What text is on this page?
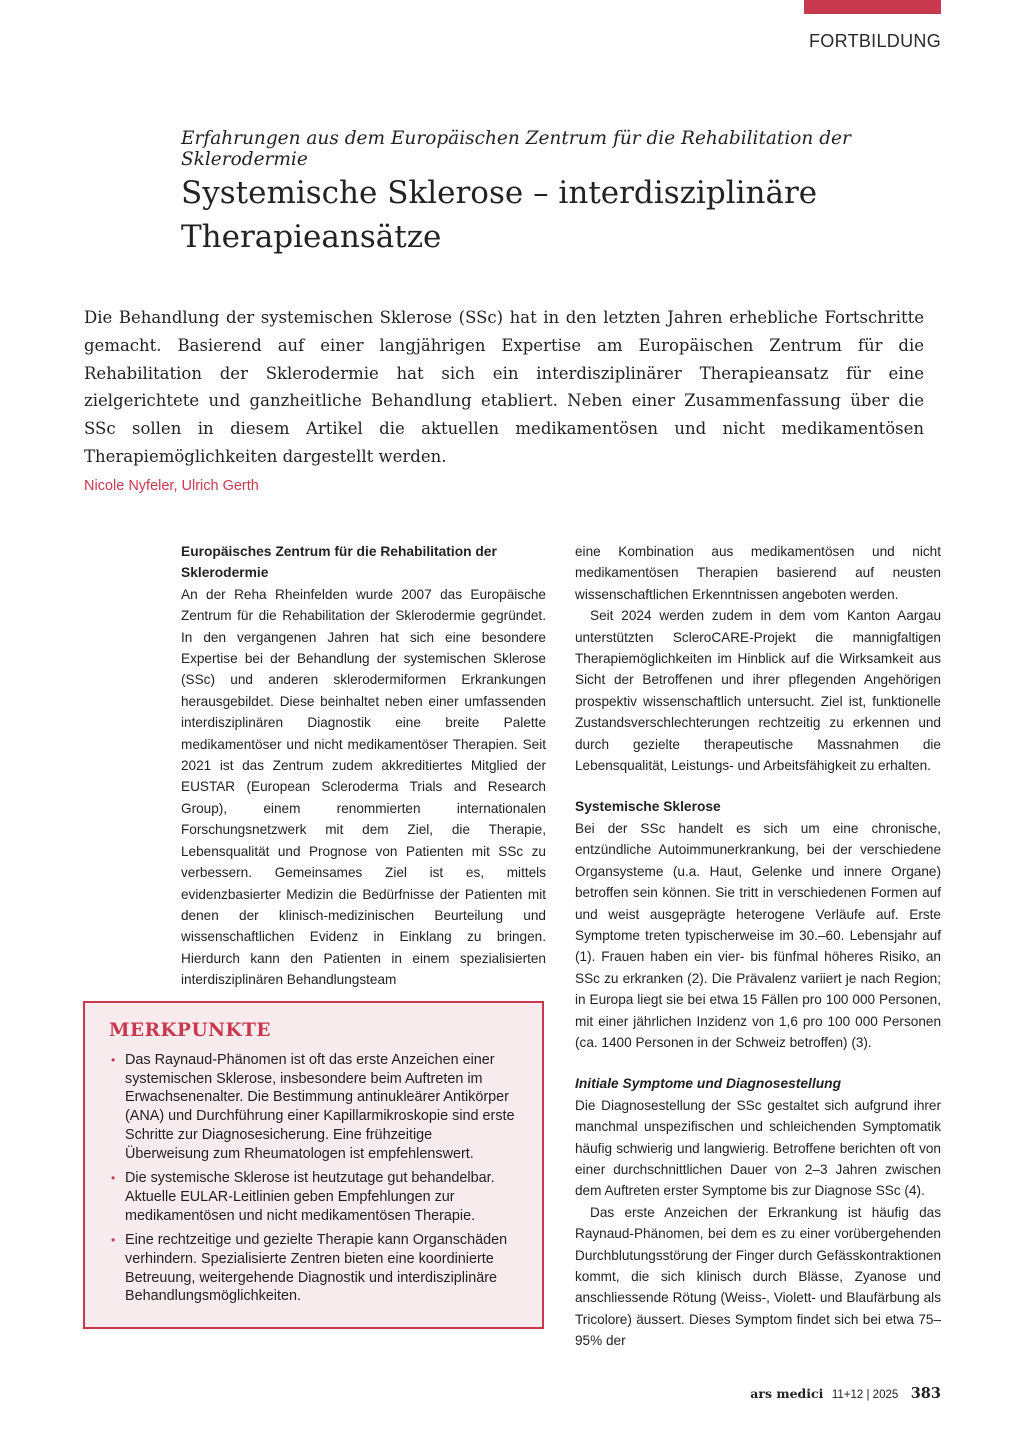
FORTBILDUNG
Erfahrungen aus dem Europäischen Zentrum für die Rehabilitation der Sklerodermie
Systemische Sklerose – interdisziplinäre Therapieansätze

Die Behandlung der systemischen Sklerose (SSc) hat in den letzten Jahren erhebliche Fortschritte gemacht. Basierend auf einer langjährigen Expertise am Europäischen Zentrum für die Rehabilitation der Sklerodermie hat sich ein interdisziplinärer Therapieansatz für eine zielgerichtete und ganzheitliche Behandlung etabliert. Neben einer Zusammenfassung über die SSc sollen in diesem Artikel die aktuellen medikamentösen und nicht medikamentösen Therapiemöglichkeiten dargestellt werden.

Nicole Nyfeler, Ulrich Gerth
Europäisches Zentrum für die Rehabilitation der Sklerodermie

An der Reha Rheinfelden wurde 2007 das Europäische Zentrum für die Rehabilitation der Sklerodermie gegründet. In den vergangenen Jahren hat sich eine besondere Expertise bei der Behandlung der systemischen Sklerose (SSc) und anderen sklerodermiformen Erkrankungen herausgebildet. Diese beinhaltet neben einer umfassenden interdisziplinären Diagnostik eine breite Palette medikamentöser und nicht medikamentöser Therapien. Seit 2021 ist das Zentrum zudem akkreditiertes Mitglied der EUSTAR (European Scleroderma Trials and Research Group), einem renommierten internationalen Forschungsnetzwerk mit dem Ziel, die Therapie, Lebensqualität und Prognose von Patienten mit SSc zu verbessern. Gemeinsames Ziel ist es, mittels evidenzbasierter Medizin die Bedürfnisse der Patienten mit denen der klinisch-medizinischen Beurteilung und wissenschaftlichen Evidenz in Einklang zu bringen. Hierdurch kann den Patienten in einem spezialisierten interdisziplinären Behandlungsteam

eine Kombination aus medikamentösen und nicht medikamentösen Therapien basierend auf neusten wissenschaftlichen Erkenntnissen angeboten werden.

Seit 2024 werden zudem in dem vom Kanton Aargau unterstützten ScleroCARE-Projekt die mannigfaltigen Therapiemöglichkeiten im Hinblick auf die Wirksamkeit aus Sicht der Betroffenen und ihrer pflegenden Angehörigen prospektiv wissenschaftlich untersucht. Ziel ist, funktionelle Zustandsverschlechterungen rechtzeitig zu erkennen und durch gezielte therapeutische Massnahmen die Lebensqualität, Leistungs- und Arbeitsfähigkeit zu erhalten.

Systemische Sklerose

Bei der SSc handelt es sich um eine chronische, entzündliche Autoimmunerkrankung, bei der verschiedene Organsysteme (u.a. Haut, Gelenke und innere Organe) betroffen sein können. Sie tritt in verschiedenen Formen auf und weist ausgeprägte heterogene Verläufe auf. Erste Symptome treten typischerweise im 30.–60. Lebensjahr auf (1). Frauen haben ein vier- bis fünfmal höheres Risiko, an SSc zu erkranken (2). Die Prävalenz variiert je nach Region; in Europa liegt sie bei etwa 15 Fällen pro 100 000 Personen, mit einer jährlichen Inzidenz von 1,6 pro 100 000 Personen (ca. 1400 Personen in der Schweiz betroffen) (3).

Initiale Symptome und Diagnosestellung

Die Diagnosestellung der SSc gestaltet sich aufgrund ihrer manchmal unspezifischen und schleichenden Symptomatik häufig schwierig und langwierig. Betroffene berichten oft von einer durchschnittlichen Dauer von 2–3 Jahren zwischen dem Auftreten erster Symptome bis zur Diagnose SSc (4).

Das erste Anzeichen der Erkrankung ist häufig das Raynaud-Phänomen, bei dem es zu einer vorübergehenden Durchblutungsstörung der Finger durch Gefässkontraktionen kommt, die sich klinisch durch Blässe, Zyanose und anschliessende Rötung (Weiss-, Violett- und Blaufärbung als Tricolore) äussert. Dieses Symptom findet sich bei etwa 75–95% der

MERKPUNKTE
• Das Raynaud-Phänomen ist oft das erste Anzeichen einer systemischen Sklerose, insbesondere beim Auftreten im Erwachsenenalter. Die Bestimmung antinukleärer Antikörper (ANA) und Durchführung einer Kapillarmikroskopie sind erste Schritte zur Diagnosesicherung. Eine frühzeitige Überweisung zum Rheumatologen ist empfehlenswert.
• Die systemische Sklerose ist heutzutage gut behandelbar. Aktuelle EULAR-Leitlinien geben Empfehlungen zur medikamentösen und nicht medikamentösen Therapie.
• Eine rechtzeitige und gezielte Therapie kann Organschäden verhindern. Spezialisierte Zentren bieten eine koordinierte Betreuung, weitergehende Diagnostik und interdisziplinäre Behandlungsmöglichkeiten.
ars medici 11+12 | 2025 383
